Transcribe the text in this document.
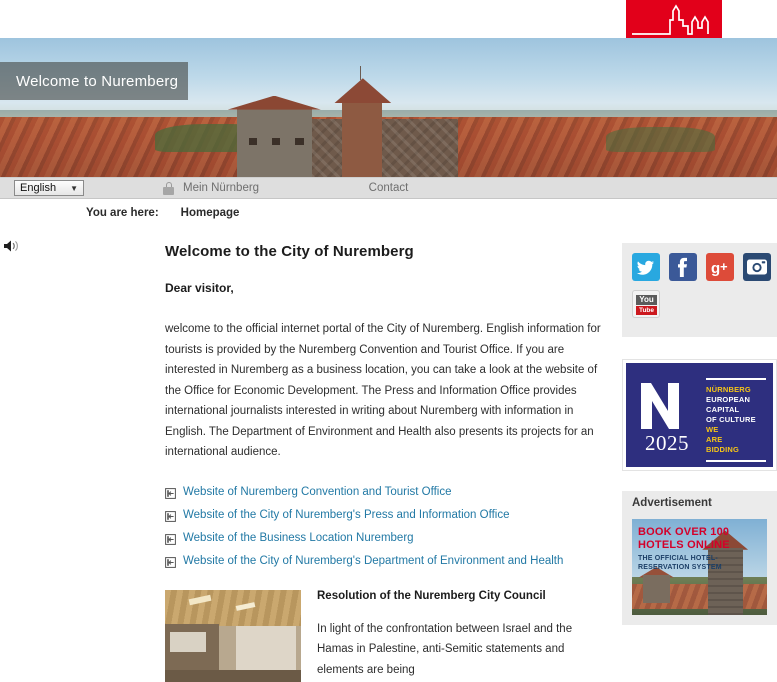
Welcome to Nuremberg
English ▼	Mein Nürnberg	Contact
You are here: Homepage
Welcome to the City of Nuremberg
Dear visitor,

welcome to the official internet portal of the City of Nuremberg. English information for tourists is provided by the Nuremberg Convention and Tourist Office. If you are interested in Nuremberg as a business location, you can take a look at the website of the Office for Economic Development. The Press and Information Office provides international journalists interested in writing about Nuremberg with information in English. The Department of Environment and Health also presents its projects for an international audience.

Website of Nuremberg Convention and Tourist Office
Website of the City of Nuremberg's Press and Information Office
Website of the Business Location Nuremberg
Website of the City of Nuremberg's Department of Environment and Health
Resolution of the Nuremberg City Council
In light of the confrontation between Israel and the Hamas in Palestine, anti-Semitic statements and elements are being
g +
You
Tube
2025
NÜRNBERG
EUROPEAN
CAPITAL
OF CULTURE
WE
ARE
BIDDING
Advertisement
BOOK OVER 100 HOTELS ONLINE
THE OFFICIAL HOTEL-RESERVATION SYSTEM
